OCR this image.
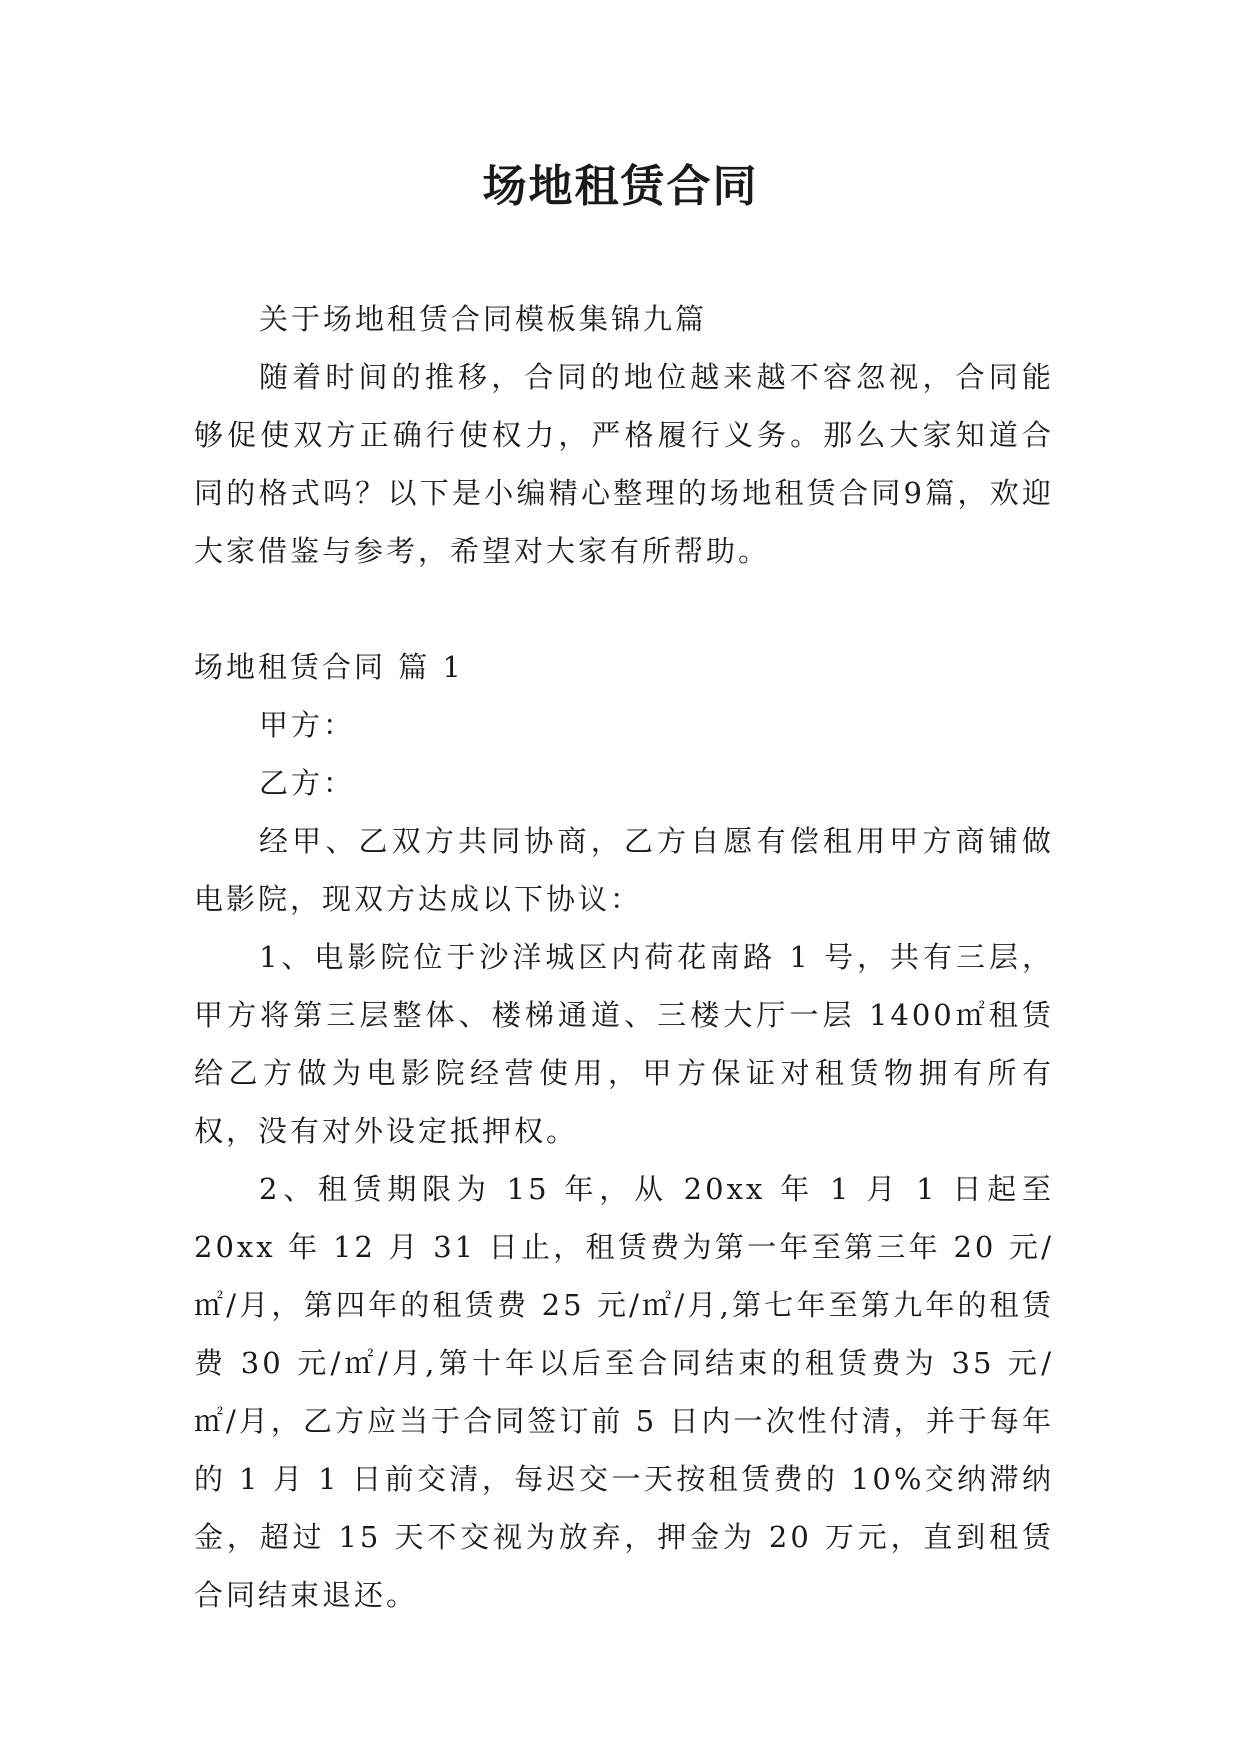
场地租赁合同

关于场地租赁合同模板集锦九篇

随着时间的推移，合同的地位越来越不容忽视，合同能够促使双方正确行使权力，严格履行义务。那么大家知道合同的格式吗？以下是小编精心整理的场地租赁合同9篇，欢迎大家借鉴与参考，希望对大家有所帮助。

场地租赁合同 篇 1

甲方：

乙方：

经甲、乙双方共同协商，乙方自愿有偿租用甲方商铺做电影院，现双方达成以下协议：

1、电影院位于沙洋城区内荷花南路 1 号，共有三层，甲方将第三层整体、楼梯通道、三楼大厅一层 1400㎡租赁给乙方做为电影院经营使用，甲方保证对租赁物拥有所有权，没有对外设定抵押权。

2、租赁期限为 15 年，从 20xx 年 1 月 1 日起至 20xx 年 12 月 31 日止，租赁费为第一年至第三年 20 元/㎡/月，第四年的租赁费 25 元/㎡/月,第七年至第九年的租赁费 30 元/㎡/月,第十年以后至合同结束的租赁费为 35 元/㎡/月，乙方应当于合同签订前 5 日内一次性付清，并于每年的 1 月 1 日前交清，每迟交一天按租赁费的 10%交纳滞纳金，超过 15 天不交视为放弃，押金为 20 万元，直到租赁合同结束退还。
